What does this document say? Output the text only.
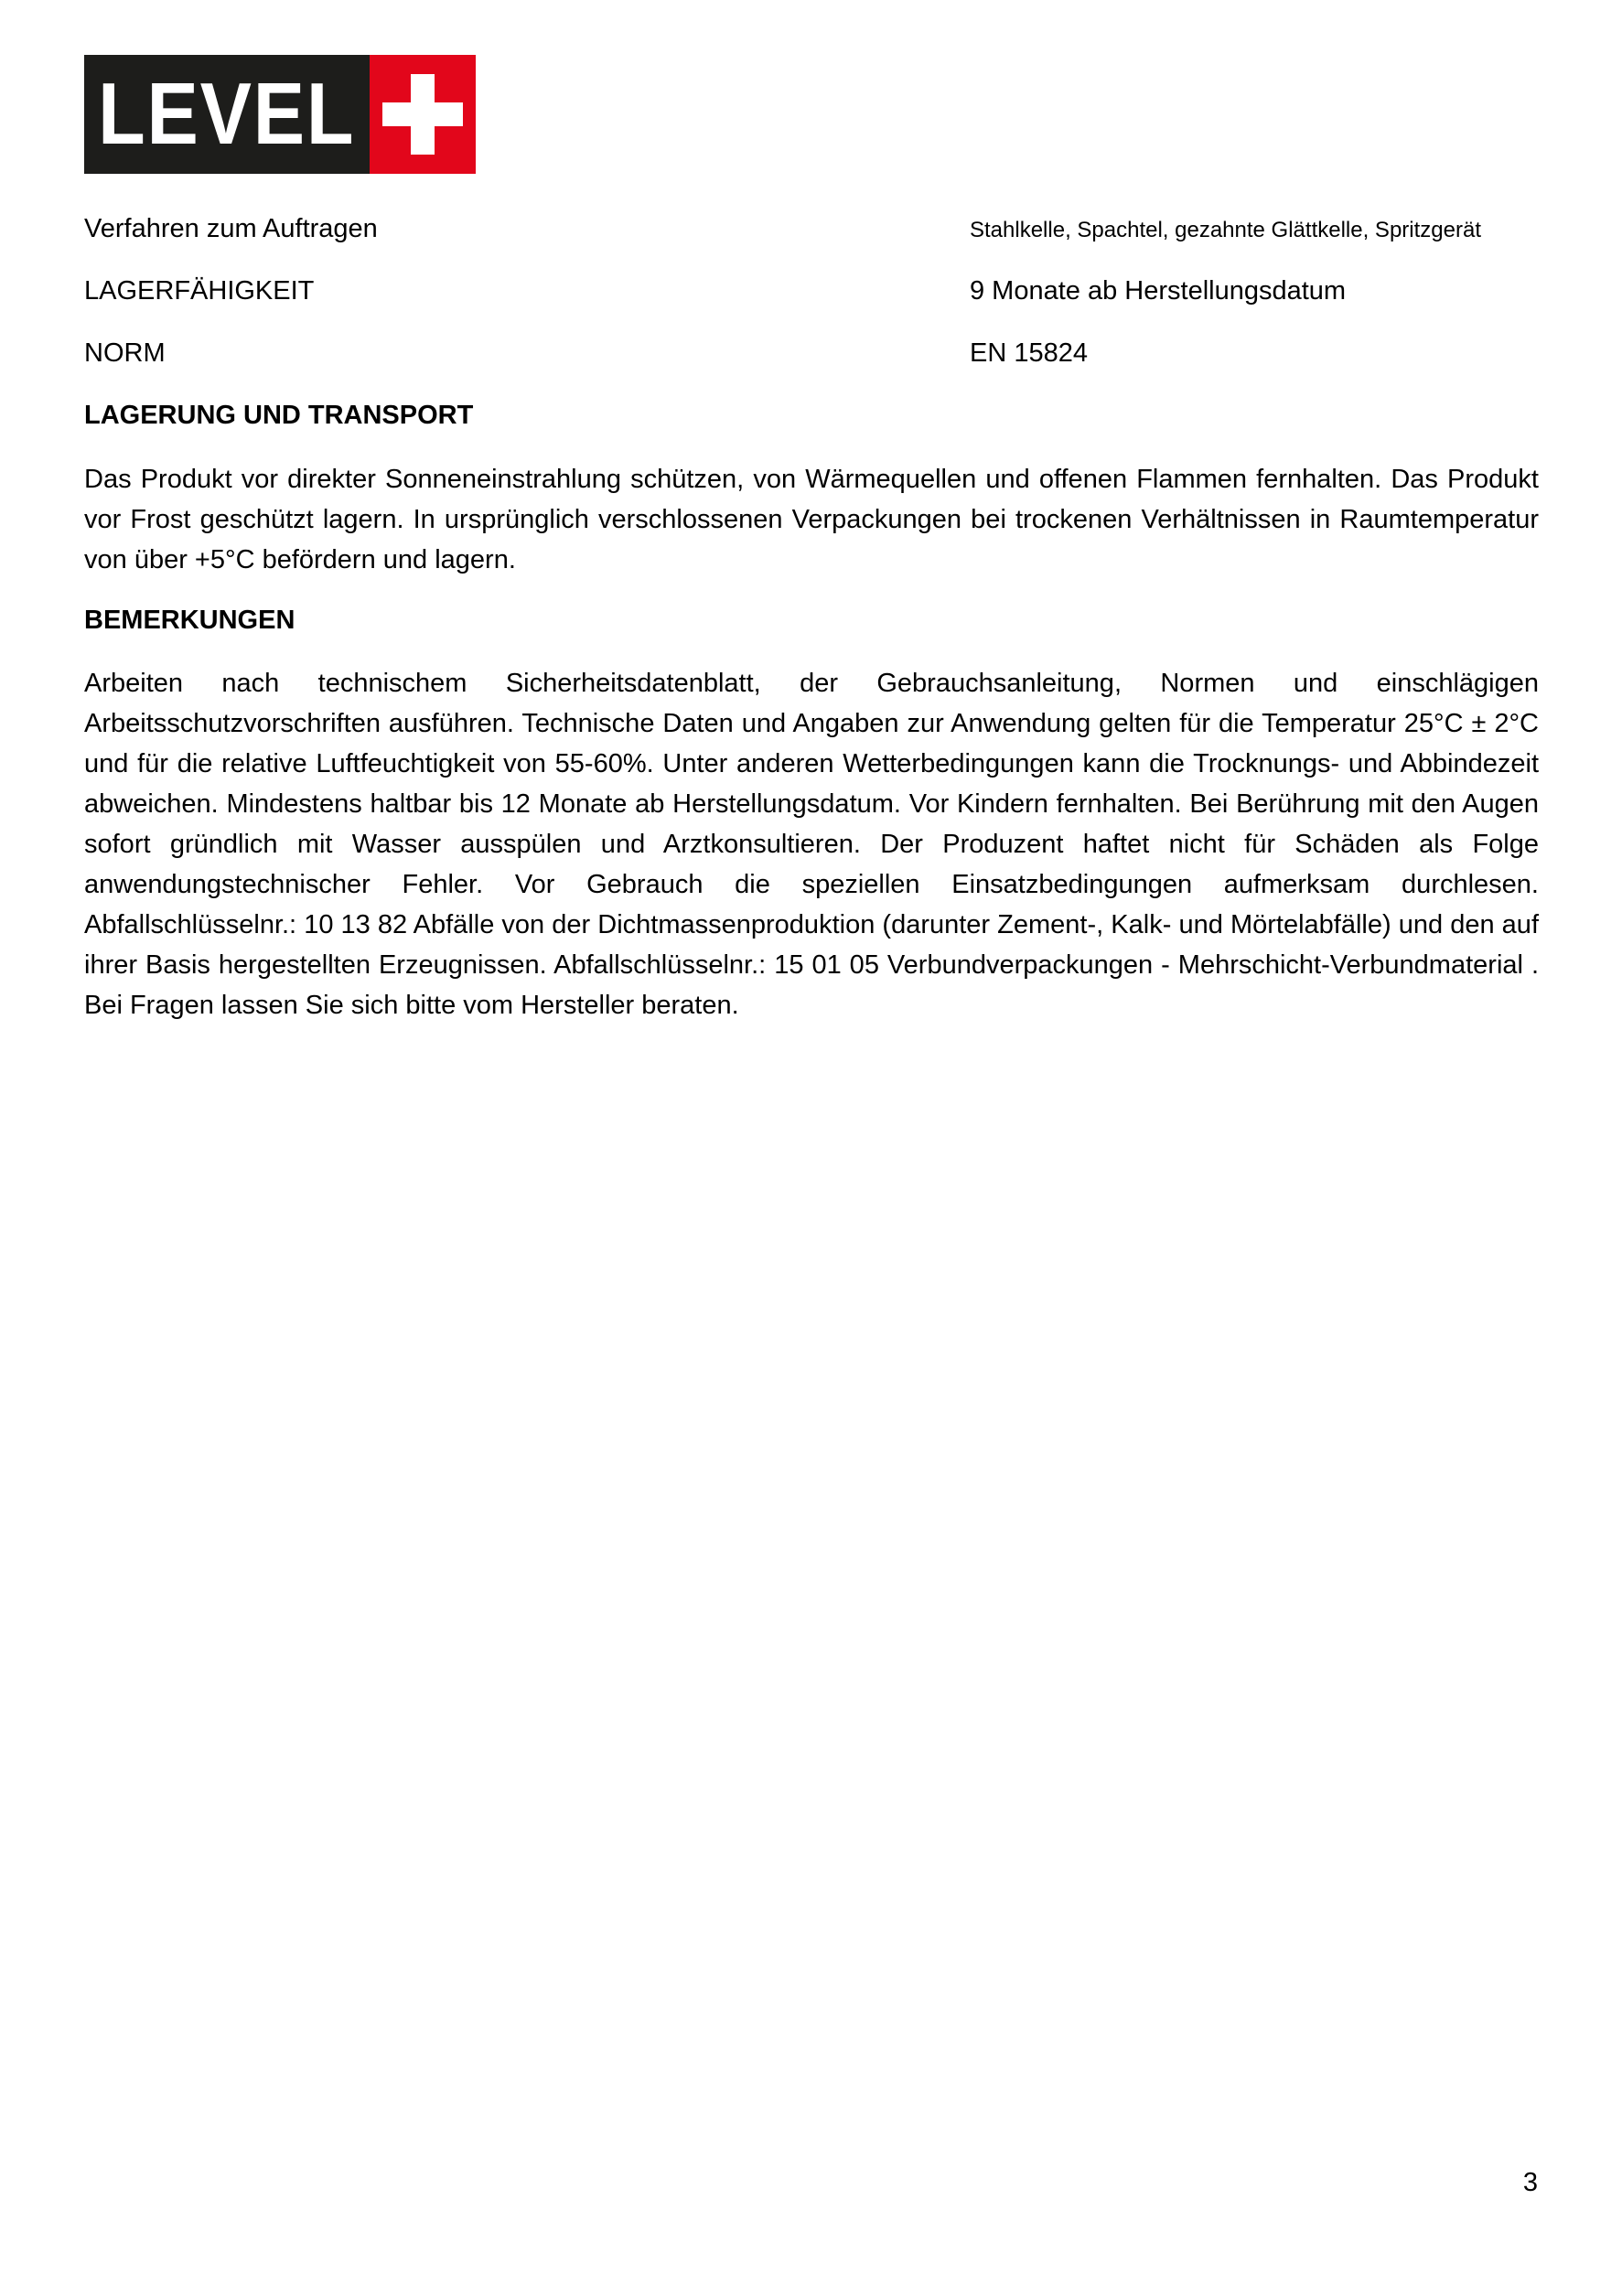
LEVEL
Verfahren zum Auftragen	Stahlkelle, Spachtel, gezahnte Glättkelle, Spritzgerät
LAGERFÄHIGKEIT	9 Monate ab Herstellungsdatum
NORM	EN 15824
LAGERUNG UND TRANSPORT
Das Produkt vor direkter Sonneneinstrahlung schützen, von Wärmequellen und offenen Flammen fernhalten. Das Produkt vor Frost geschützt lagern. In ursprünglich verschlossenen Verpackungen bei trockenen Verhältnissen in Raumtemperatur von über +5°C befördern und lagern.
BEMERKUNGEN
Arbeiten nach technischem Sicherheitsdatenblatt, der Gebrauchsanleitung, Normen und einschlägigen Arbeitsschutzvorschriften ausführen. Technische Daten und Angaben zur Anwendung gelten für die Temperatur 25°C ± 2°C und für die relative Luftfeuchtigkeit von 55-60%. Unter anderen Wetterbedingungen kann die Trocknungs- und Abbindezeit abweichen. Mindestens haltbar bis 12 Monate ab Herstellungsdatum. Vor Kindern fernhalten. Bei Berührung mit den Augen sofort gründlich mit Wasser ausspülen und Arztkonsultieren. Der Produzent haftet nicht für Schäden als Folge anwendungstechnischer Fehler. Vor Gebrauch die speziellen Einsatzbedingungen aufmerksam durchlesen. Abfallschlüsselnr.: 10 13 82 Abfälle von der Dichtmassenproduktion (darunter Zement-, Kalk- und Mörtelabfälle) und den auf ihrer Basis hergestellten Erzeugnissen. Abfallschlüsselnr.: 15 01 05 Verbundverpackungen - Mehrschicht-Verbundmaterial . Bei Fragen lassen Sie sich bitte vom Hersteller beraten.
3
